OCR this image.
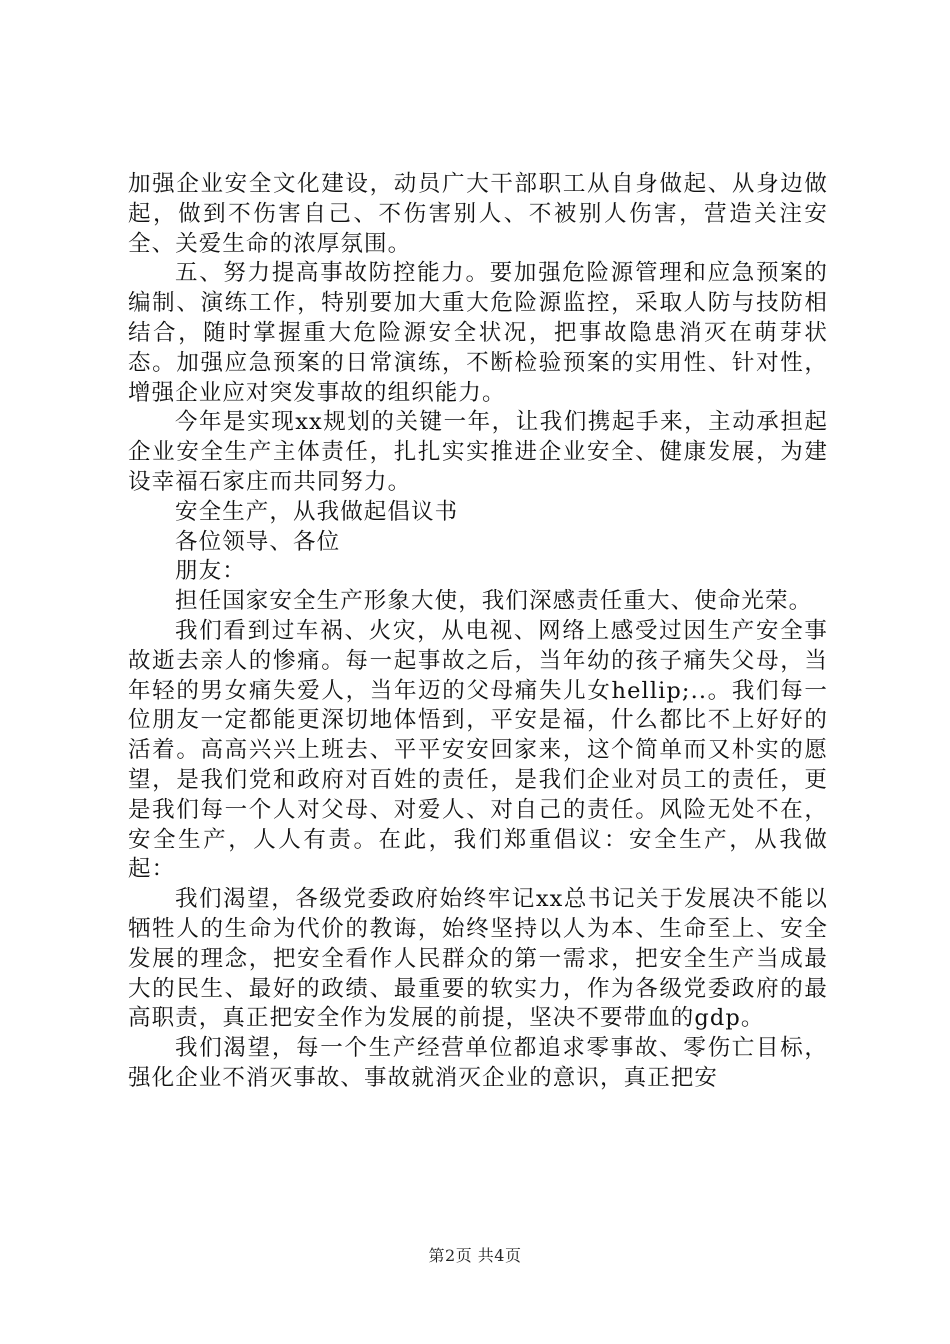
加强企业安全文化建设，动员广大干部职工从自身做起、从身边做起，做到不伤害自己、不伤害别人、不被别人伤害，营造关注安全、关爱生命的浓厚氛围。

五、努力提高事故防控能力。要加强危险源管理和应急预案的编制、演练工作，特别要加大重大危险源监控，采取人防与技防相结合，随时掌握重大危险源安全状况，把事故隐患消灭在萌芽状态。加强应急预案的日常演练，不断检验预案的实用性、针对性，增强企业应对突发事故的组织能力。

今年是实现xx规划的关键一年，让我们携起手来，主动承担起企业安全生产主体责任，扎扎实实推进企业安全、健康发展，为建设幸福石家庄而共同努力。

安全生产，从我做起倡议书

各位领导、各位

朋友：

担任国家安全生产形象大使，我们深感责任重大、使命光荣。

我们看到过车祸、火灾，从电视、网络上感受过因生产安全事故逝去亲人的惨痛。每一起事故之后，当年幼的孩子痛失父母，当年轻的男女痛失爱人，当年迈的父母痛失儿女hellip;..。我们每一位朋友一定都能更深切地体悟到，平安是福，什么都比不上好好的活着。高高兴兴上班去、平平安安回家来，这个简单而又朴实的愿望，是我们党和政府对百姓的责任，是我们企业对员工的责任，更是我们每一个人对父母、对爱人、对自己的责任。风险无处不在，安全生产，人人有责。在此，我们郑重倡议：安全生产，从我做起：

我们渴望，各级党委政府始终牢记xx总书记关于发展决不能以牺牲人的生命为代价的教诲，始终坚持以人为本、生命至上、安全发展的理念，把安全看作人民群众的第一需求，把安全生产当成最大的民生、最好的政绩、最重要的软实力，作为各级党委政府的最高职责，真正把安全作为发展的前提，坚决不要带血的gdp。

我们渴望，每一个生产经营单位都追求零事故、零伤亡目标，强化企业不消灭事故、事故就消灭企业的意识，真正把安

第2页 共4页
